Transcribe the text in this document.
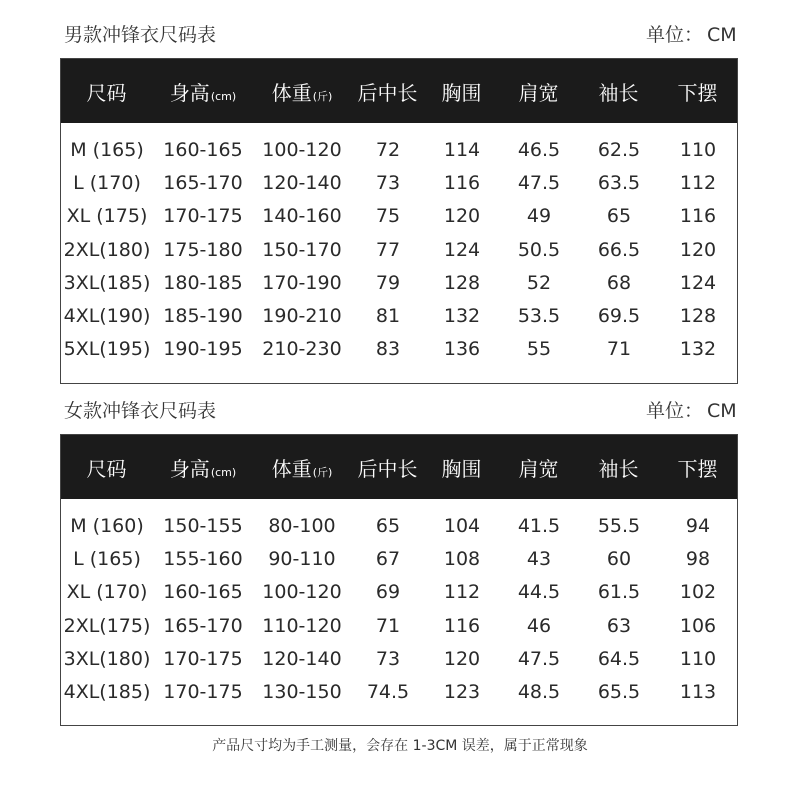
男款冲锋衣尺码表	单位： CM
尺码	身高(cm)	体重(斤)	后中长	胸围	肩宽	袖长	下摆
M (165)	160-165	100-120	72	114	46.5	62.5	110
L (170)	165-170	120-140	73	116	47.5	63.5	112
XL (175) 170-175	140-160	75	120	49	65	116
2XL(180) 175-180	150-170	77	124	50.5	66.5	120
3XL(185) 180-185	170-190	79	128	52	68	124
4XL(190) 185-190	190-210	81	132	53.5	69.5	128
5XL(195) 190-195	210-230	83	136	55	71	132
女款冲锋衣尺码表	单位： CM
尺码	身高(cm)	体重(斤)	后中长	胸围	肩宽	袖长	下摆
M (160)	150-155	80-100	65	104	41.5	55.5	94
L (165)	155-160	90-110	67	108	43	60	98
XL (170) 160-165	100-120	69	112	44.5	61.5	102
2XL(175) 165-170	110-120	71	116	46	63	106
3XL(180) 170-175	120-140	73	120	47.5	64.5	110
4XL(185) 170-175	130-150	74.5	123	48.5	65.5	113
产品尺寸均为手工测量，会存在 1-3CM 误差，属于正常现象
